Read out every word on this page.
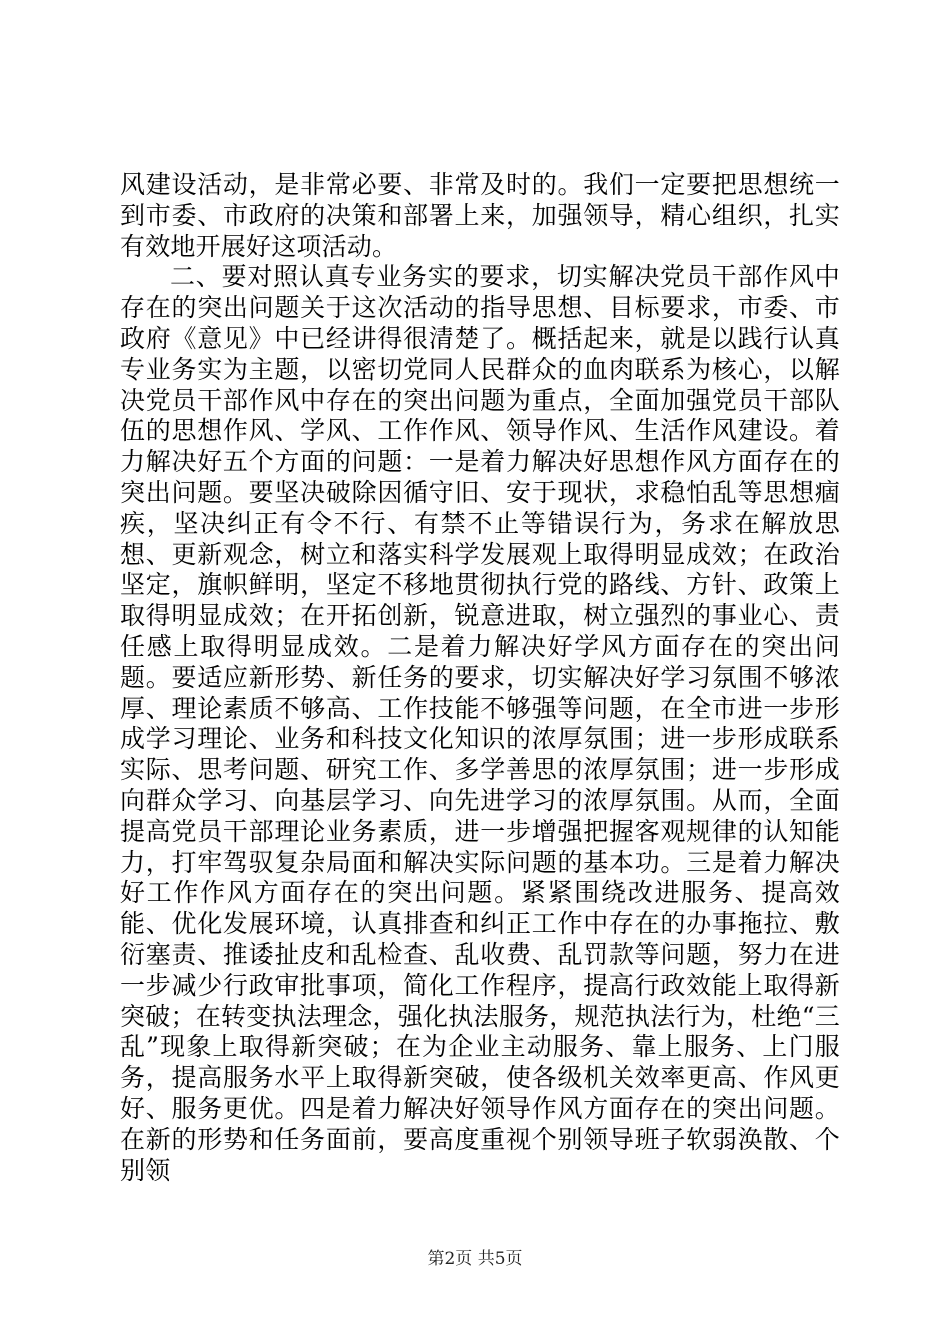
风建设活动，是非常必要、非常及时的。我们一定要把思想统一到市委、市政府的决策和部署上来，加强领导，精心组织，扎实有效地开展好这项活动。

二、要对照认真专业务实的要求，切实解决党员干部作风中存在的突出问题关于这次活动的指导思想、目标要求，市委、市政府《意见》中已经讲得很清楚了。概括起来，就是以践行认真专业务实为主题，以密切党同人民群众的血肉联系为核心，以解决党员干部作风中存在的突出问题为重点，全面加强党员干部队伍的思想作风、学风、工作作风、领导作风、生活作风建设。着力解决好五个方面的问题：一是着力解决好思想作风方面存在的突出问题。要坚决破除因循守旧、安于现状，求稳怕乱等思想痼疾，坚决纠正有令不行、有禁不止等错误行为，务求在解放思想、更新观念，树立和落实科学发展观上取得明显成效；在政治坚定，旗帜鲜明，坚定不移地贯彻执行党的路线、方针、政策上取得明显成效；在开拓创新，锐意进取，树立强烈的事业心、责任感上取得明显成效。二是着力解决好学风方面存在的突出问题。要适应新形势、新任务的要求，切实解决好学习氛围不够浓厚、理论素质不够高、工作技能不够强等问题，在全市进一步形成学习理论、业务和科技文化知识的浓厚氛围；进一步形成联系实际、思考问题、研究工作、多学善思的浓厚氛围；进一步形成向群众学习、向基层学习、向先进学习的浓厚氛围。从而，全面提高党员干部理论业务素质，进一步增强把握客观规律的认知能力，打牢驾驭复杂局面和解决实际问题的基本功。三是着力解决好工作作风方面存在的突出问题。紧紧围绕改进服务、提高效能、优化发展环境，认真排查和纠正工作中存在的办事拖拉、敷衍塞责、推诿扯皮和乱检查、乱收费、乱罚款等问题，努力在进一步减少行政审批事项，简化工作程序，提高行政效能上取得新突破；在转变执法理念，强化执法服务，规范执法行为，杜绝“三乱”现象上取得新突破；在为企业主动服务、靠上服务、上门服务，提高服务水平上取得新突破，使各级机关效率更高、作风更好、服务更优。四是着力解决好领导作风方面存在的突出问题。在新的形势和任务面前，要高度重视个别领导班子软弱涣散、个别领

第2页 共5页
